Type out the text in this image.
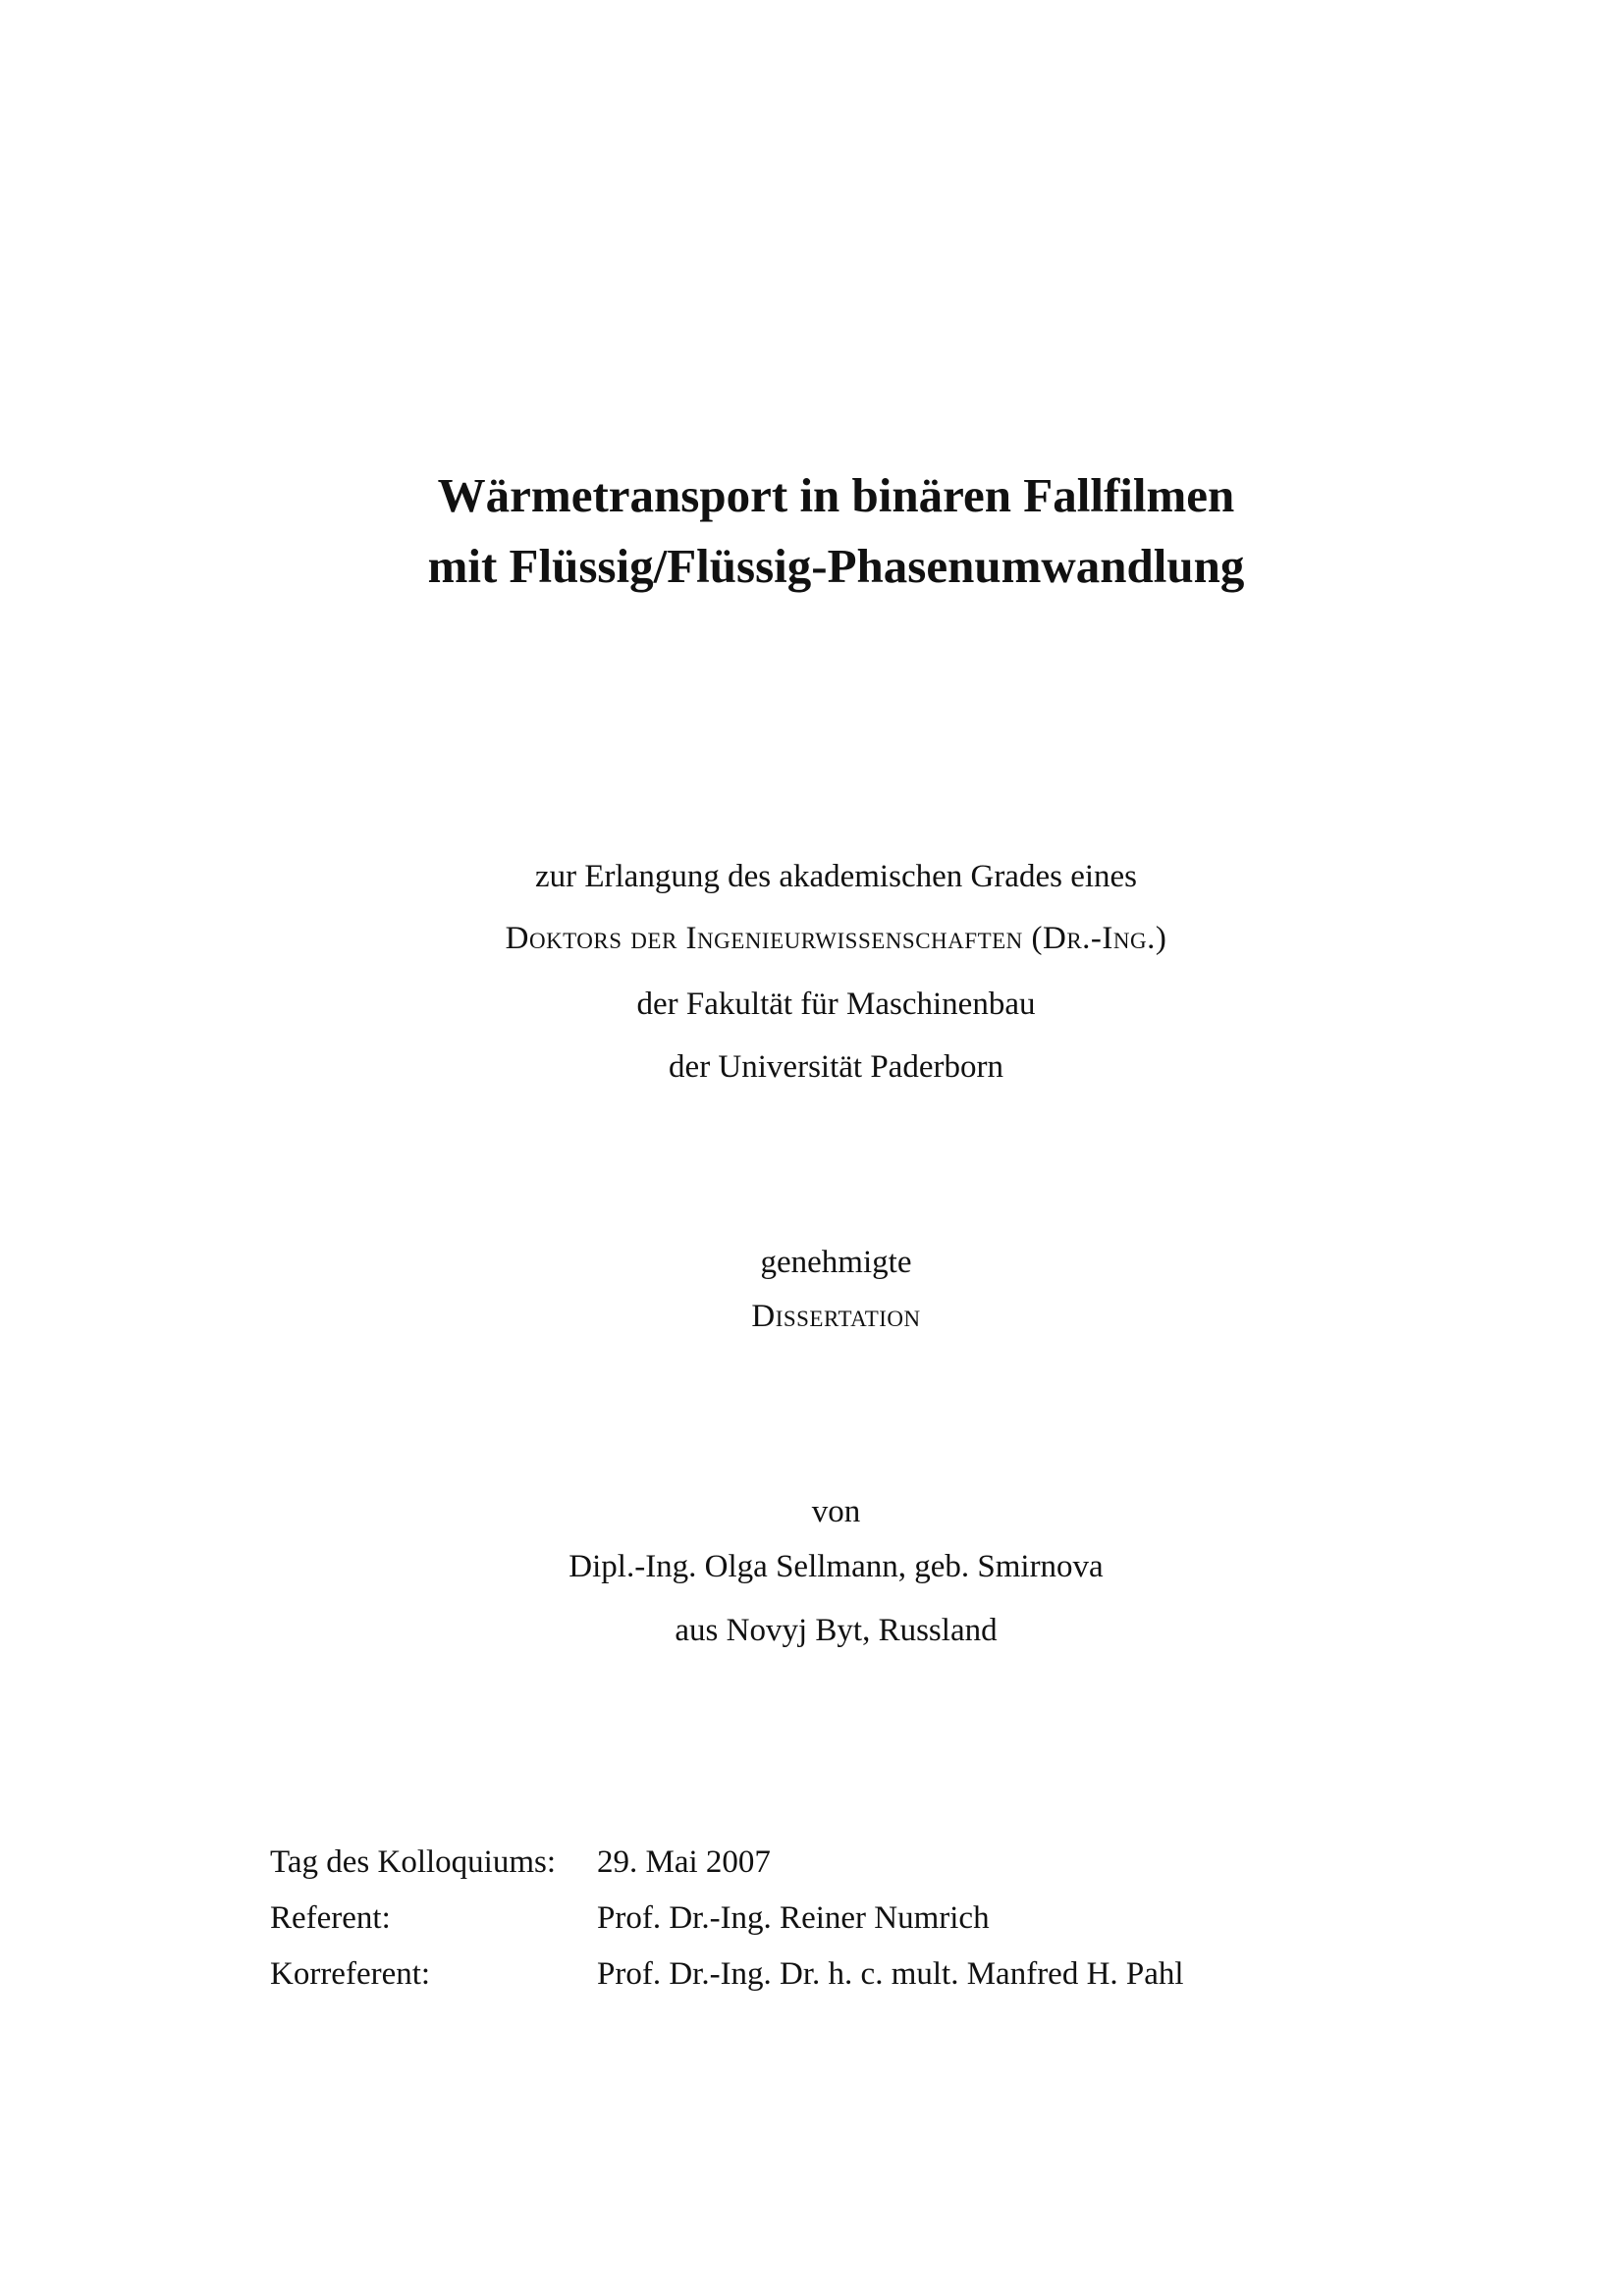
Wärmetransport in binären Fallfilmen
mit Flüssig/Flüssig-Phasenumwandlung
zur Erlangung des akademischen Grades eines
Doktors der Ingenieurwissenschaften (Dr.-Ing.)
der Fakultät für Maschinenbau
der Universität Paderborn
genehmigte
Dissertation
von
Dipl.-Ing. Olga Sellmann, geb. Smirnova
aus Novyj Byt, Russland
Tag des Kolloquiums: 29. Mai 2007
Referent:	Prof. Dr.-Ing. Reiner Numrich
Korreferent:	Prof. Dr.-Ing. Dr. h. c. mult. Manfred H. Pahl
